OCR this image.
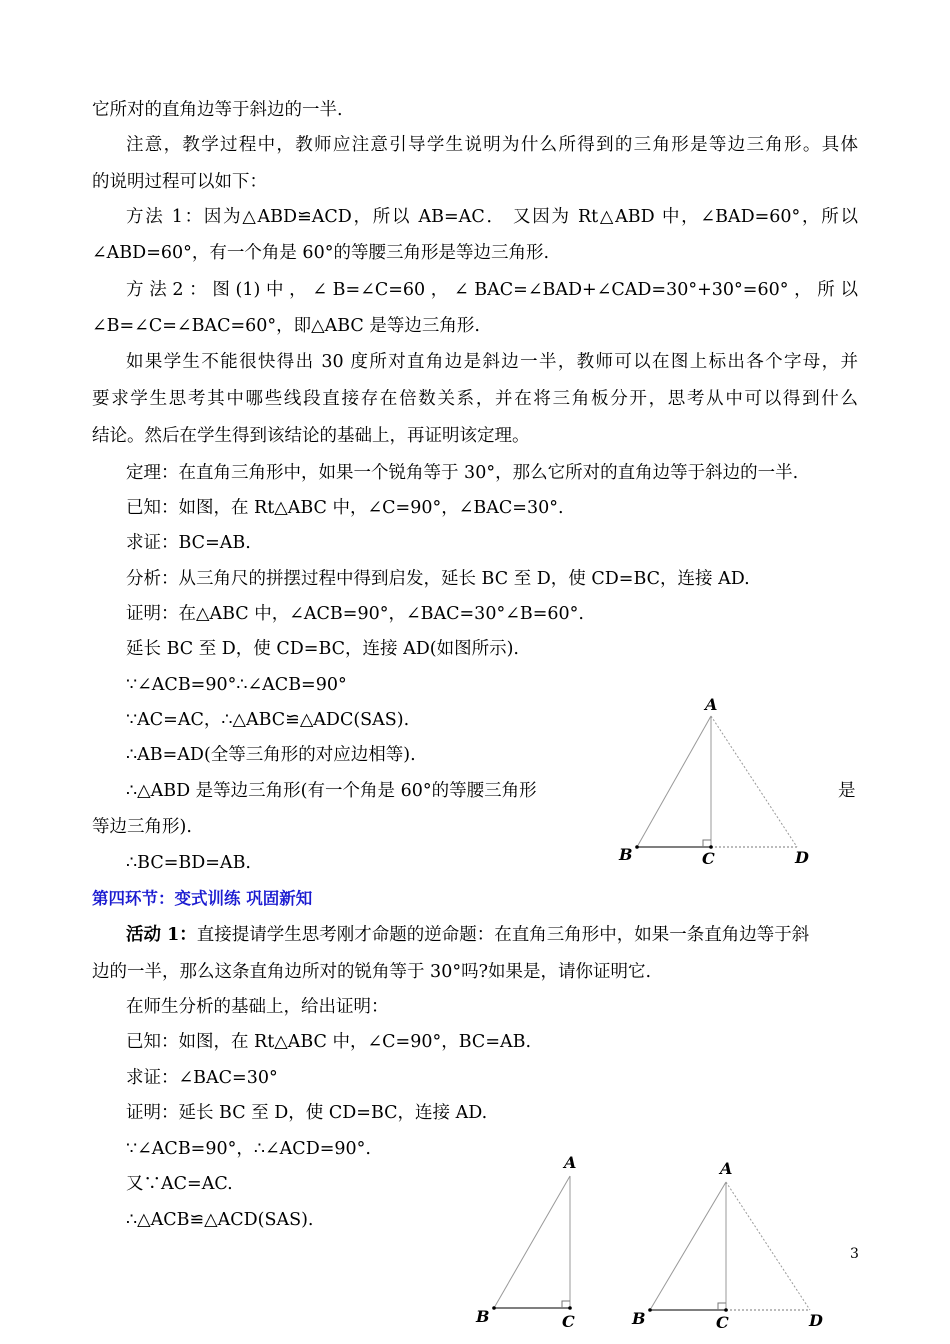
它所对的直角边等于斜边的一半.
注意，教学过程中，教师应注意引导学生说明为什么所得到的三角形是等边三角形。具体
的说明过程可以如下：
方法 1：因为△ABD≌ACD，所以 AB=AC． 又因为 Rt△ABD 中，∠BAD=60°，所以
∠ABD=60°，有一个角是 60°的等腰三角形是等边三角形.
方 法 2 ： 图 (1) 中 ， ∠ B=∠C=60 ， ∠ BAC=∠BAD+∠CAD=30°+30°=60° ， 所 以
∠B=∠C=∠BAC=60°，即△ABC 是等边三角形.
如果学生不能很快得出 30 度所对直角边是斜边一半，教师可以在图上标出各个字母，并
要求学生思考其中哪些线段直接存在倍数关系，并在将三角板分开，思考从中可以得到什么
结论。然后在学生得到该结论的基础上，再证明该定理。
定理：在直角三角形中，如果一个锐角等于 30°，那么它所对的直角边等于斜边的一半.
已知：如图，在 Rt△ABC 中，∠C=90°，∠BAC=30°.
求证：BC=AB.
分析：从三角尺的拼摆过程中得到启发，延长 BC 至 D，使 CD=BC，连接 AD.
证明：在△ABC 中，∠ACB=90°，∠BAC=30°∠B=60°.
延长 BC 至 D，使 CD=BC，连接 AD(如图所示).
∵∠ACB=90°∴∠ACB=90°
∵AC=AC，∴△ABC≌△ADC(SAS).
∴AB=AD(全等三角形的对应边相等).
∴△ABD 是等边三角形(有一个角是 60°的等腰三角形	是
等边三角形).
∴BC=BD=AB.
第四环节：变式训练 巩固新知
活动 1：直接提请学生思考刚才命题的逆命题：在直角三角形中，如果一条直角边等于斜
边的一半，那么这条直角边所对的锐角等于 30°吗?如果是，请你证明它.
在师生分析的基础上，给出证明：
已知：如图，在 Rt△ABC 中，∠C=90°，BC=AB.
求证：∠BAC=30°
证明：延长 BC 至 D，使 CD=BC，连接 AD.
∵∠ACB=90°，∴∠ACD=90°.
又∵AC=AC.
∴△ACB≌△ACD(SAS).
3
A
B	C	D
A
B	C
A
B	C	D
